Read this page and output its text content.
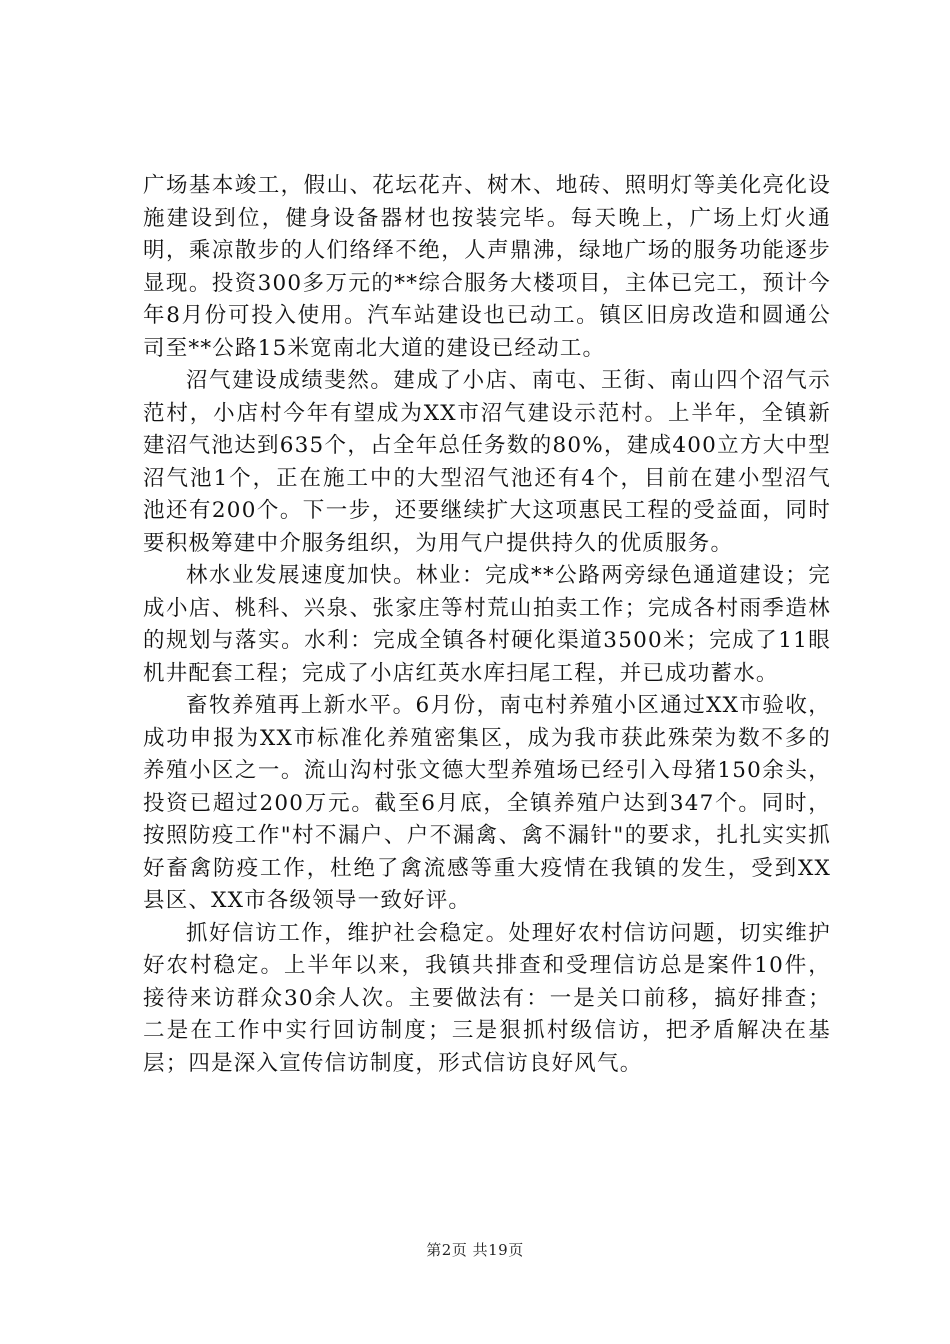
广场基本竣工，假山、花坛花卉、树木、地砖、照明灯等美化亮化设施建设到位，健身设备器材也按装完毕。每天晚上，广场上灯火通明，乘凉散步的人们络绎不绝，人声鼎沸，绿地广场的服务功能逐步显现。投资300多万元的**综合服务大楼项目，主体已完工，预计今年8月份可投入使用。汽车站建设也已动工。镇区旧房改造和圆通公司至**公路15米宽南北大道的建设已经动工。

沼气建设成绩斐然。建成了小店、南屯、王街、南山四个沼气示范村，小店村今年有望成为XX市沼气建设示范村。上半年，全镇新建沼气池达到635个，占全年总任务数的80%，建成400立方大中型沼气池1个，正在施工中的大型沼气池还有4个，目前在建小型沼气池还有200个。下一步，还要继续扩大这项惠民工程的受益面，同时要积极筹建中介服务组织，为用气户提供持久的优质服务。

林水业发展速度加快。林业：完成**公路两旁绿色通道建设；完成小店、桃科、兴泉、张家庄等村荒山拍卖工作；完成各村雨季造林的规划与落实。水利：完成全镇各村硬化渠道3500米；完成了11眼机井配套工程；完成了小店红英水库扫尾工程，并已成功蓄水。

畜牧养殖再上新水平。6月份，南屯村养殖小区通过XX市验收，成功申报为XX市标准化养殖密集区，成为我市获此殊荣为数不多的养殖小区之一。流山沟村张文德大型养殖场已经引入母猪150余头，投资已超过200万元。截至6月底，全镇养殖户达到347个。同时，按照防疫工作"村不漏户、户不漏禽、禽不漏针"的要求，扎扎实实抓好畜禽防疫工作，杜绝了禽流感等重大疫情在我镇的发生，受到XX县区、XX市各级领导一致好评。

抓好信访工作，维护社会稳定。处理好农村信访问题，切实维护好农村稳定。上半年以来，我镇共排查和受理信访总是案件10件，接待来访群众30余人次。主要做法有：一是关口前移，搞好排查；二是在工作中实行回访制度；三是狠抓村级信访，把矛盾解决在基层；四是深入宣传信访制度，形式信访良好风气。

第2页 共19页
